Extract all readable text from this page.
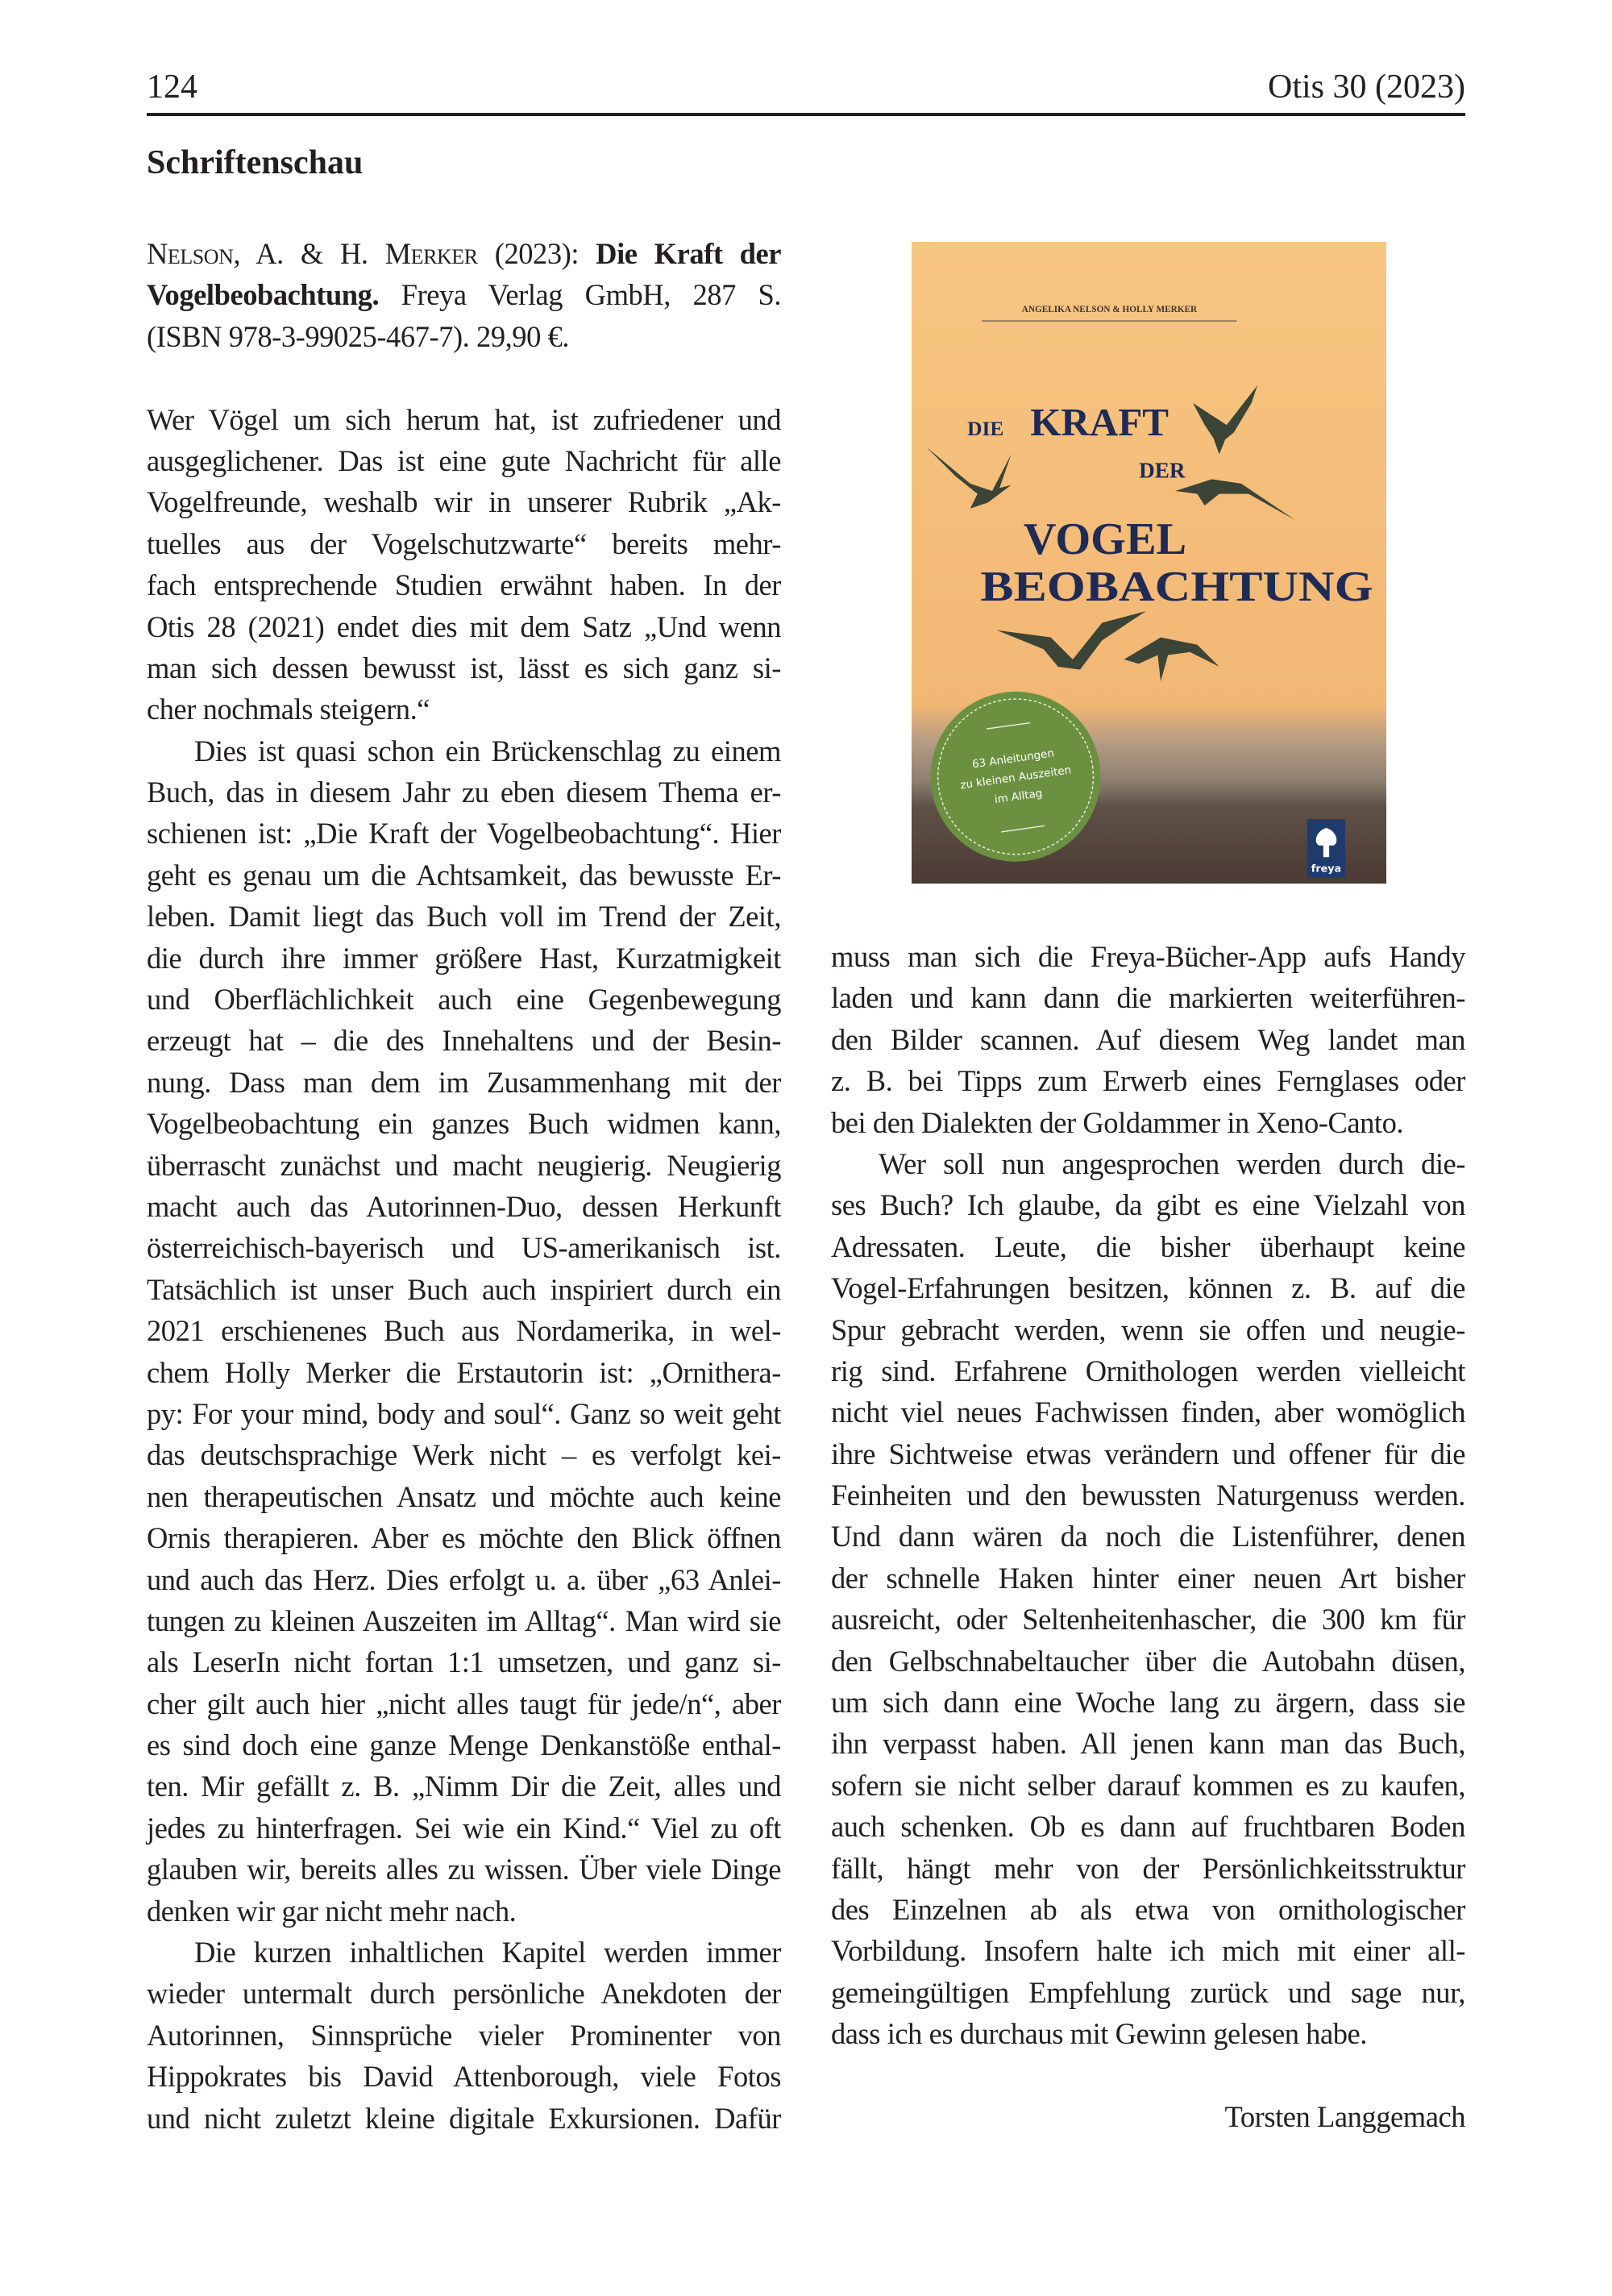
124	Otis 30 (2023)
Schriftenschau
Nelson, A. & H. Merker (2023): Die Kraft der
Vogelbeobachtung. Freya Verlag GmbH, 287 S.
(ISBN 978-3-99025-467-7). 29,90 €.
Wer Vögel um sich herum hat, ist zufriedener und
ausgeglichener. Das ist eine gute Nachricht für alle
Vogelfreunde, weshalb wir in unserer Rubrik „Ak-
tuelles aus der Vogelschutzwarte“ bereits mehr-
fach entsprechende Studien erwähnt haben. In der
Otis 28 (2021) endet dies mit dem Satz „Und wenn
man sich dessen bewusst ist, lässt es sich ganz si-
cher nochmals steigern.“
Dies ist quasi schon ein Brückenschlag zu einem
Buch, das in diesem Jahr zu eben diesem Thema er-
schienen ist: „Die Kraft der Vogelbeobachtung“. Hier
geht es genau um die Achtsamkeit, das bewusste Er-
leben. Damit liegt das Buch voll im Trend der Zeit,
die durch ihre immer größere Hast, Kurzatmigkeit
und Oberflächlichkeit auch eine Gegenbewegung
erzeugt hat – die des Innehaltens und der Besin-
nung. Dass man dem im Zusammenhang mit der
Vogelbeobachtung ein ganzes Buch widmen kann,
überrascht zunächst und macht neugierig. Neugierig
macht auch das Autorinnen-Duo, dessen Herkunft
österreichisch-bayerisch und US-amerikanisch ist.
Tatsächlich ist unser Buch auch inspiriert durch ein
2021 erschienenes Buch aus Nordamerika, in wel-
chem Holly Merker die Erstautorin ist: „Ornithera-
py: For your mind, body and soul“. Ganz so weit geht
das deutschsprachige Werk nicht – es verfolgt kei-
nen therapeutischen Ansatz und möchte auch keine
Ornis therapieren. Aber es möchte den Blick öffnen
und auch das Herz. Dies erfolgt u. a. über „63 Anlei-
tungen zu kleinen Auszeiten im Alltag“. Man wird sie
als LeserIn nicht fortan 1:1 umsetzen, und ganz si-
cher gilt auch hier „nicht alles taugt für jede/n“, aber
es sind doch eine ganze Menge Denkanstöße enthal-
ten. Mir gefällt z. B. „Nimm Dir die Zeit, alles und
jedes zu hinterfragen. Sei wie ein Kind.“ Viel zu oft
glauben wir, bereits alles zu wissen. Über viele Dinge
denken wir gar nicht mehr nach.
Die kurzen inhaltlichen Kapitel werden immer
wieder untermalt durch persönliche Anekdoten der
Autorinnen, Sinnsprüche vieler Prominenter von
Hippokrates bis David Attenborough, viele Fotos
und nicht zuletzt kleine digitale Exkursionen. Dafür
muss man sich die Freya-Bücher-App aufs Handy
laden und kann dann die markierten weiterführen-
den Bilder scannen. Auf diesem Weg landet man
z. B. bei Tipps zum Erwerb eines Fernglases oder
bei den Dialekten der Goldammer in Xeno-Canto.
Wer soll nun angesprochen werden durch die-
ses Buch? Ich glaube, da gibt es eine Vielzahl von
Adressaten. Leute, die bisher überhaupt keine
Vogel-Erfahrungen besitzen, können z. B. auf die
Spur gebracht werden, wenn sie offen und neugie-
rig sind. Erfahrene Ornithologen werden vielleicht
nicht viel neues Fachwissen finden, aber womöglich
ihre Sichtweise etwas verändern und offener für die
Feinheiten und den bewussten Naturgenuss werden.
Und dann wären da noch die Listenführer, denen
der schnelle Haken hinter einer neuen Art bisher
ausreicht, oder Seltenheitenhascher, die 300 km für
den Gelbschnabeltaucher über die Autobahn düsen,
um sich dann eine Woche lang zu ärgern, dass sie
ihn verpasst haben. All jenen kann man das Buch,
sofern sie nicht selber darauf kommen es zu kaufen,
auch schenken. Ob es dann auf fruchtbaren Boden
fällt, hängt mehr von der Persönlichkeitsstruktur
des Einzelnen ab als etwa von ornithologischer
Vorbildung. Insofern halte ich mich mit einer all-
gemeingültigen Empfehlung zurück und sage nur,
dass ich es durchaus mit Gewinn gelesen habe.
Torsten Langgemach
ANGELIKA NELSON & HOLLY MERKER
DIE KRAFT
DER
VOGEL
BEOBACHTUNG
63 Anleitungen
zu kleinen Auszeiten
im Alltag
freya
